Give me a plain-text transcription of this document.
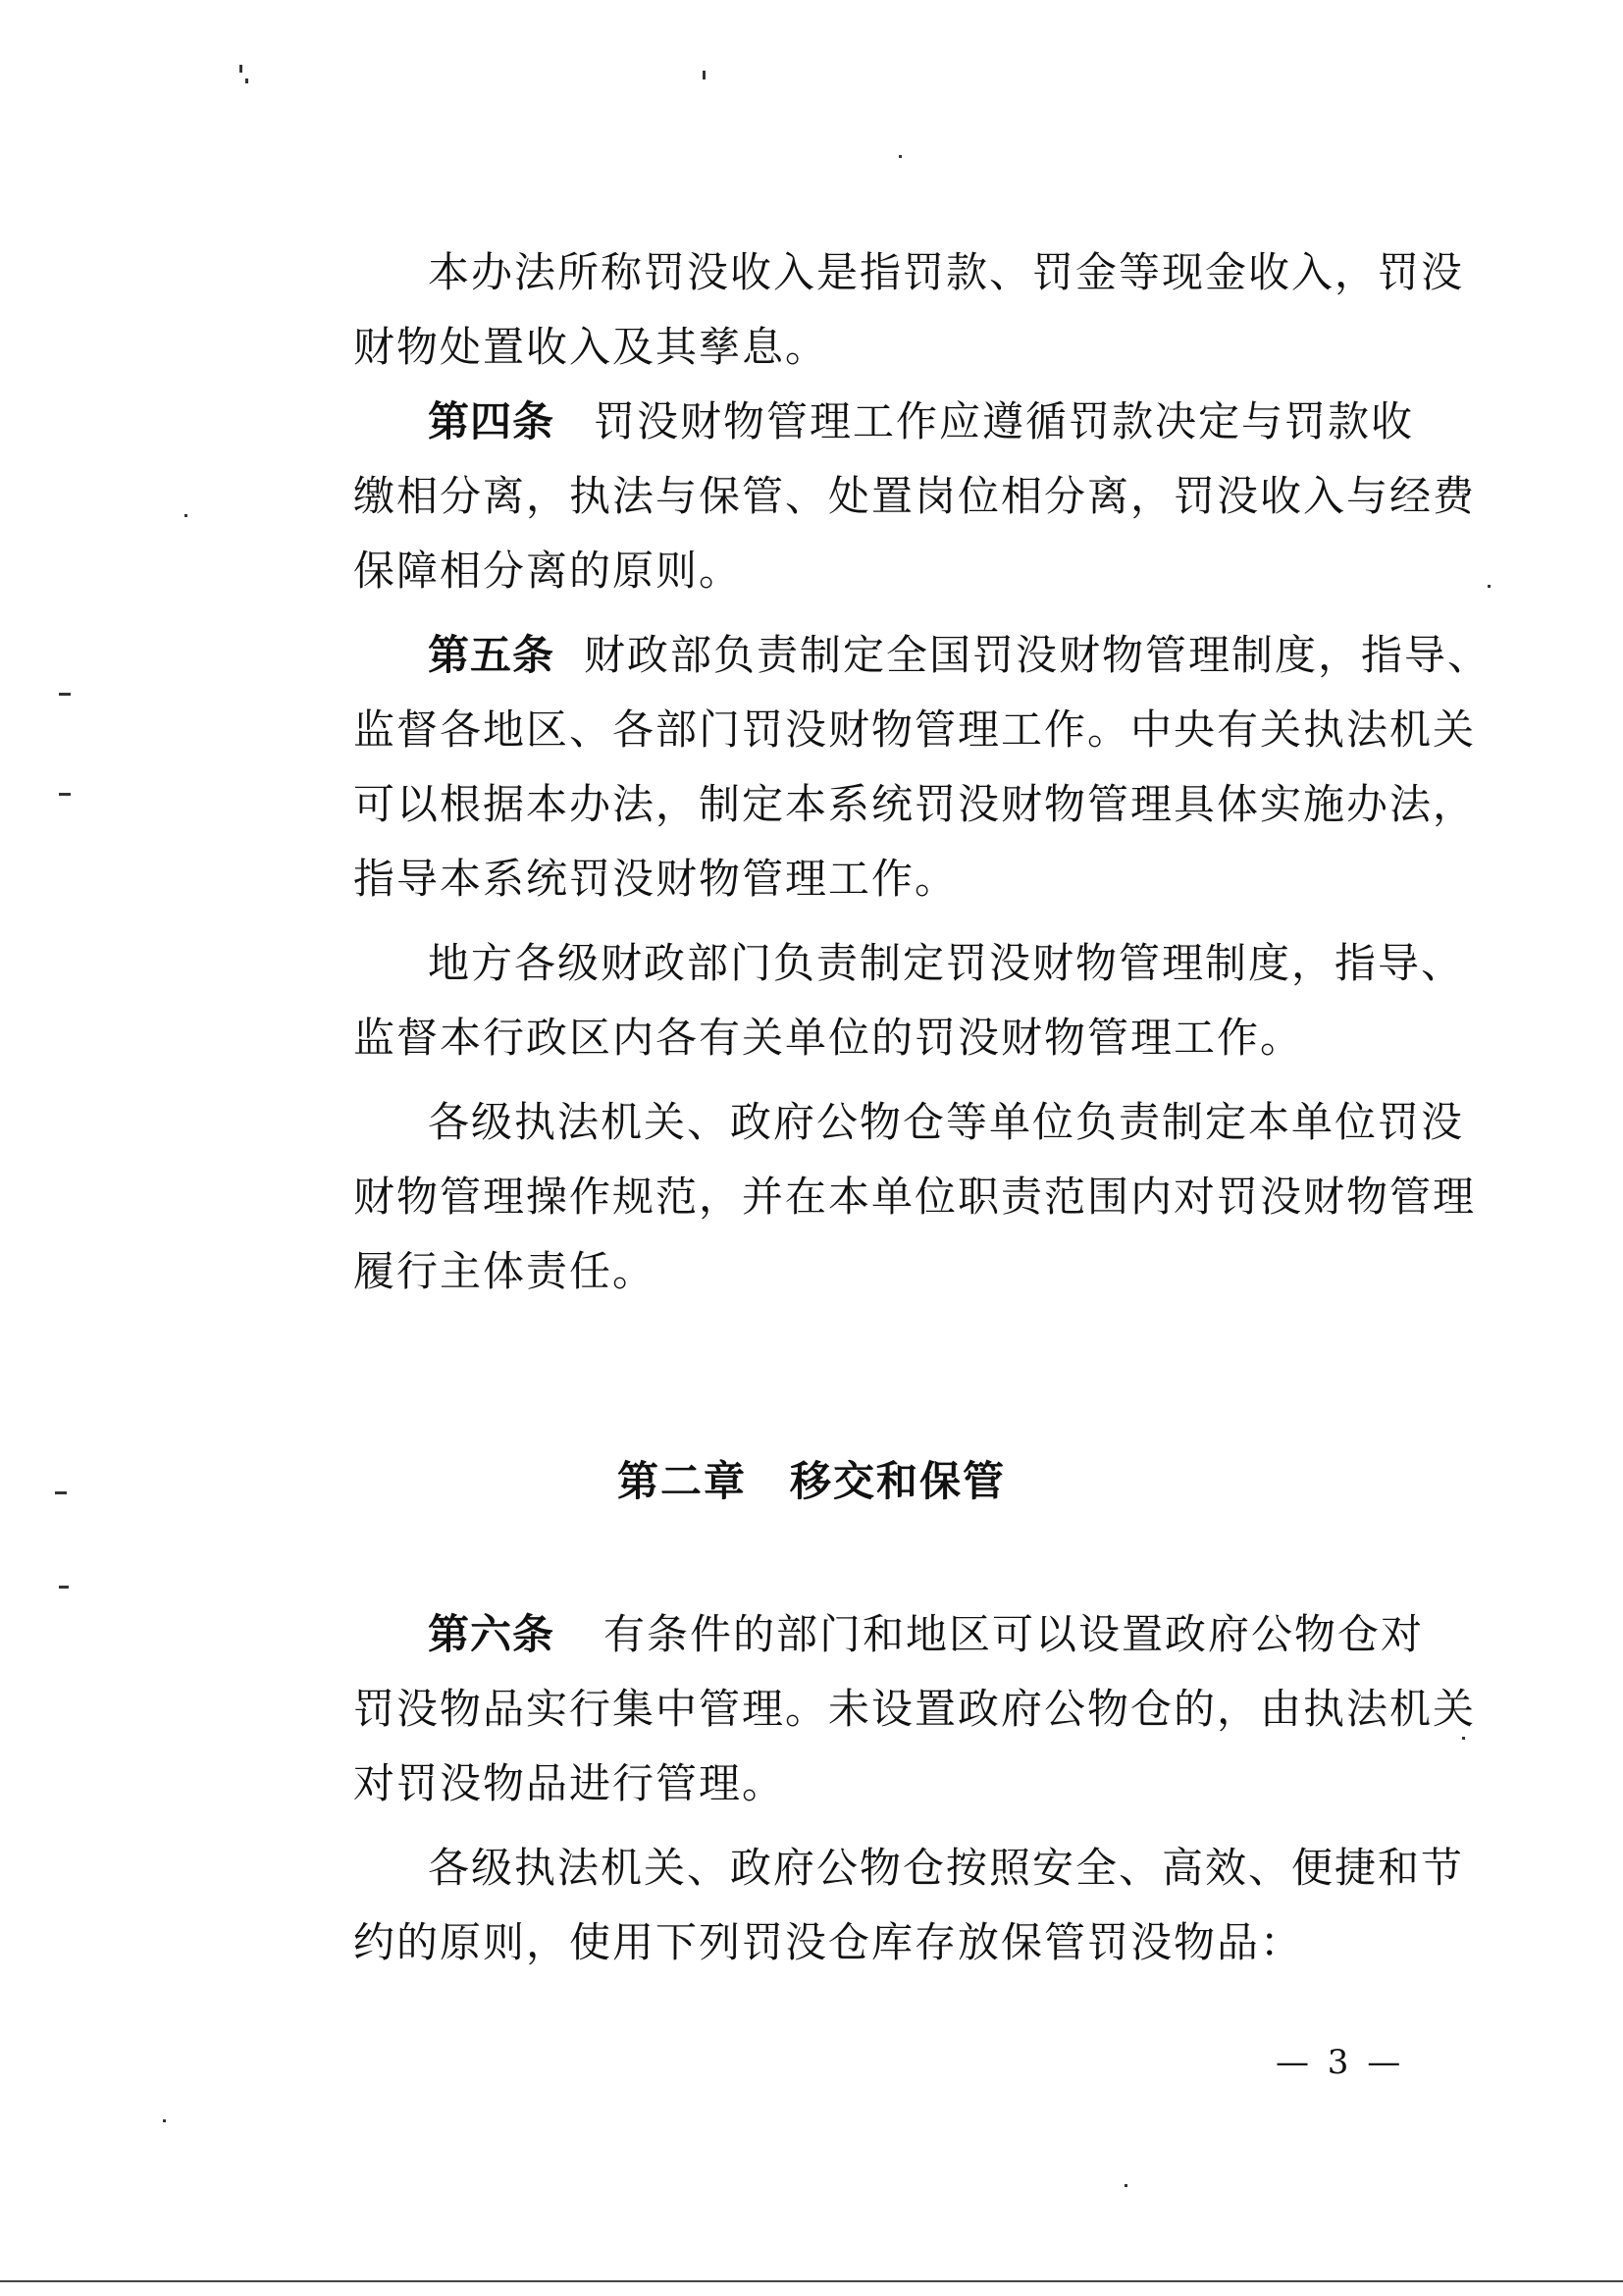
本办法所称罚没收入是指罚款、罚金等现金收入，罚没
财物处置收入及其孳息。
第四条 罚没财物管理工作应遵循罚款决定与罚款收
缴相分离，执法与保管、处置岗位相分离，罚没收入与经费
保障相分离的原则。
第五条 财政部负责制定全国罚没财物管理制度，指导、
监督各地区、各部门罚没财物管理工作。中央有关执法机关
可以根据本办法，制定本系统罚没财物管理具体实施办法，
指导本系统罚没财物管理工作。
地方各级财政部门负责制定罚没财物管理制度，指导、
监督本行政区内各有关单位的罚没财物管理工作。
各级执法机关、政府公物仓等单位负责制定本单位罚没
财物管理操作规范，并在本单位职责范围内对罚没财物管理
履行主体责任。
第二章 移交和保管
第六条 有条件的部门和地区可以设置政府公物仓对
罚没物品实行集中管理。未设置政府公物仓的，由执法机关
对罚没物品进行管理。
各级执法机关、政府公物仓按照安全、高效、便捷和节
约的原则，使用下列罚没仓库存放保管罚没物品：
— 3 —
